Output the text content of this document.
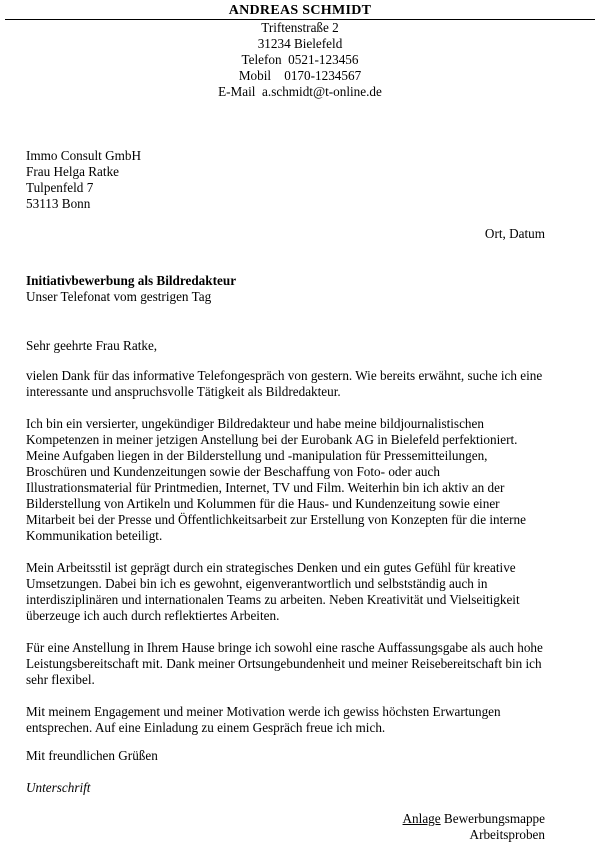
ANDREAS SCHMIDT
Triftenstraße 2
31234 Bielefeld
Telefon  0521-123456
Mobil    0170-1234567
E-Mail  a.schmidt@t-online.de
Immo Consult GmbH
Frau Helga Ratke
Tulpenfeld 7
53113 Bonn
Ort, Datum
Initiativbewerbung als Bildredakteur
Unser Telefonat vom gestrigen Tag
Sehr geehrte Frau Ratke,

vielen Dank für das informative Telefongespräch von gestern. Wie bereits erwähnt, suche ich eine interessante und anspruchsvolle Tätigkeit als Bildredakteur.

Ich bin ein versierter, ungekündiger Bildredakteur und habe meine bildjournalistischen Kompetenzen in meiner jetzigen Anstellung bei der Eurobank AG in Bielefeld perfektioniert. Meine Aufgaben liegen in der Bilderstellung und -manipulation für Pressemitteilungen, Broschüren und Kundenzeitungen sowie der Beschaffung von Foto- oder auch Illustrationsmaterial für Printmedien, Internet, TV und Film. Weiterhin bin ich aktiv an der Bilderstellung von Artikeln und Kolummen für die Haus- und Kundenzeitung sowie einer Mitarbeit bei der Presse und Öffentlichkeitsarbeit zur Erstellung von Konzepten für die interne Kommunikation beteiligt.

Mein Arbeitsstil ist geprägt durch ein strategisches Denken und ein gutes Gefühl für kreative Umsetzungen. Dabei bin ich es gewohnt, eigenverantwortlich und selbstständig auch in interdisziplinären und internationalen Teams zu arbeiten. Neben Kreativität und Vielseitigkeit überzeuge ich auch durch reflektiertes Arbeiten.

Für eine Anstellung in Ihrem Hause bringe ich sowohl eine rasche Auffassungsgabe als auch hohe Leistungsbereitschaft mit. Dank meiner Ortsungebundenheit und meiner Reisebereitschaft bin ich sehr flexibel.

Mit meinem Engagement und meiner Motivation werde ich gewiss höchsten Erwartungen entsprechen. Auf eine Einladung zu einem Gespräch freue ich mich.

Mit freundlichen Grüßen
Unterschrift
Anlage Bewerbungsmappe
Arbeitsproben
